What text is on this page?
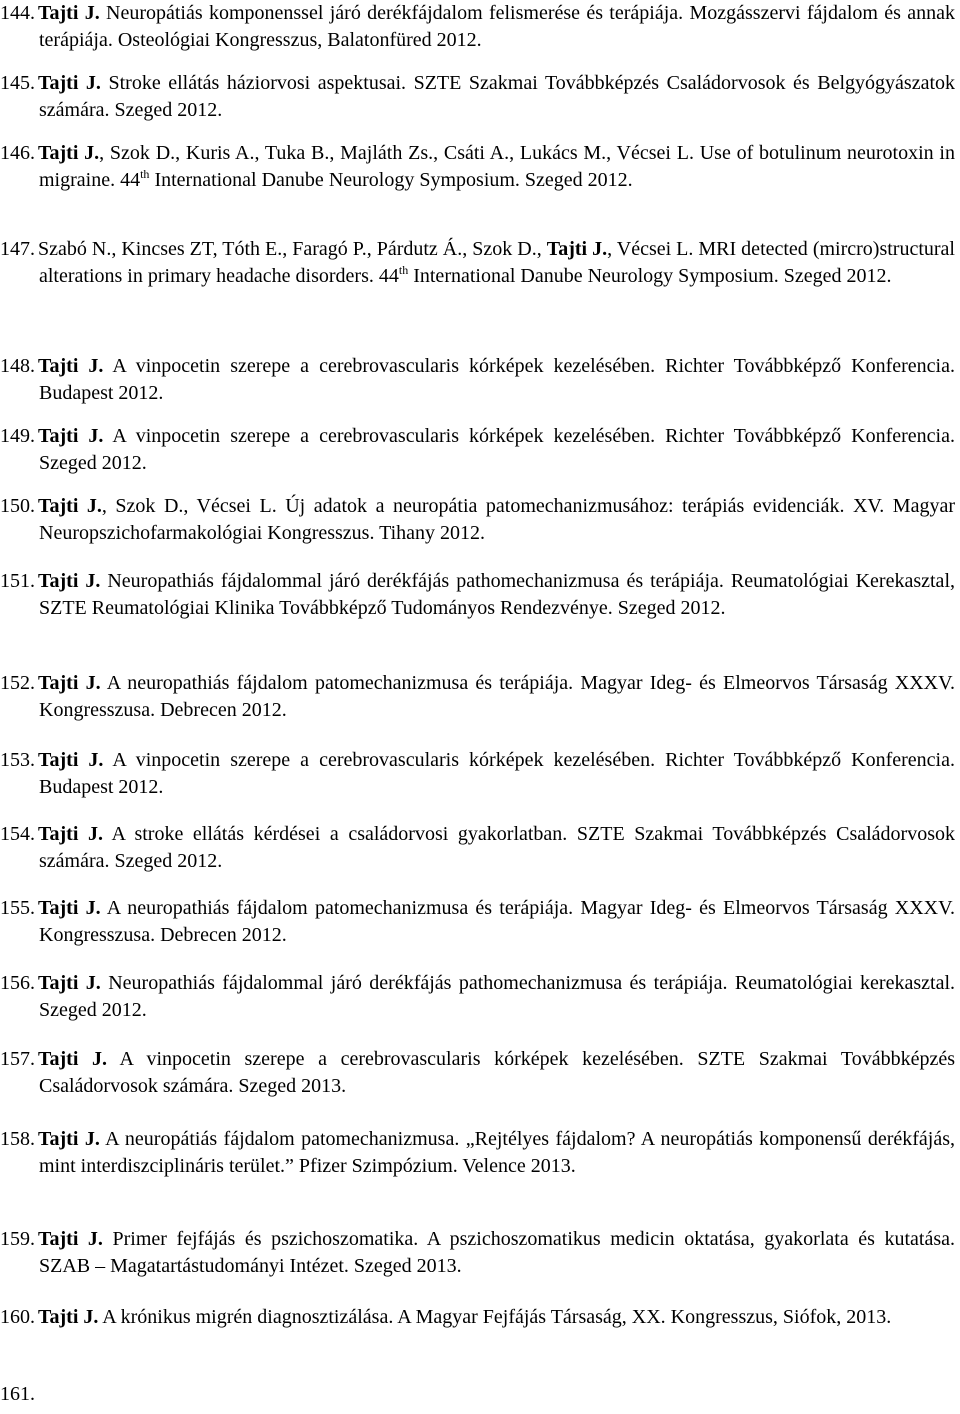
144. Tajti J. Neuropátiás komponenssel járó derékfájdalom felismerése és terápiája. Mozgásszervi fájdalom és annak terápiája. Osteológiai Kongresszus, Balatonfüred 2012.
145. Tajti J. Stroke ellátás háziorvosi aspektusai. SZTE Szakmai Továbbképzés Családorvosok és Belgyógyászatok számára. Szeged 2012.
146. Tajti J., Szok D., Kuris A., Tuka B., Majláth Zs., Csáti A., Lukács M., Vécsei L. Use of botulinum neurotoxin in migraine. 44th International Danube Neurology Symposium. Szeged 2012.
147. Szabó N., Kincses ZT, Tóth E., Faragó P., Párdutz Á., Szok D., Tajti J., Vécsei L. MRI detected (mircro)structural alterations in primary headache disorders. 44th International Danube Neurology Symposium. Szeged 2012.
148. Tajti J. A vinpocetin szerepe a cerebrovascularis kórképek kezelésében. Richter Továbbképző Konferencia. Budapest 2012.
149. Tajti J. A vinpocetin szerepe a cerebrovascularis kórképek kezelésében. Richter Továbbképző Konferencia. Szeged 2012.
150. Tajti J., Szok D., Vécsei L. Új adatok a neuropátia patomechanizmusához: terápiás evidenciák. XV. Magyar Neuropszichofarmakológiai Kongresszus. Tihany 2012.
151. Tajti J. Neuropathiás fájdalommal járó derékfájás pathomechanizmusa és terápiája. Reumatológiai Kerekasztal, SZTE Reumatológiai Klinika Továbbképző Tudományos Rendezvénye. Szeged 2012.
152. Tajti J. A neuropathiás fájdalom patomechanizmusa és terápiája. Magyar Ideg- és Elmeorvos Társaság XXXV. Kongresszusa. Debrecen 2012.
153. Tajti J. A vinpocetin szerepe a cerebrovascularis kórképek kezelésében. Richter Továbbképző Konferencia. Budapest 2012.
154. Tajti J. A stroke ellátás kérdései a családorvosi gyakorlatban. SZTE Szakmai Továbbképzés Családorvosok számára. Szeged 2012.
155. Tajti J. A neuropathiás fájdalom patomechanizmusa és terápiája. Magyar Ideg- és Elmeorvos Társaság XXXV. Kongresszusa. Debrecen 2012.
156. Tajti J. Neuropathiás fájdalommal járó derékfájás pathomechanizmusa és terápiája. Reumatológiai kerekasztal. Szeged 2012.
157. Tajti J. A vinpocetin szerepe a cerebrovascularis kórképek kezelésében. SZTE Szakmai Továbbképzés Családorvosok számára. Szeged 2013.
158. Tajti J. A neuropátiás fájdalom patomechanizmusa. „Rejtélyes fájdalom? A neuropátiás komponensű derékfájás, mint interdiszciplináris terület.” Pfizer Szimpózium. Velence 2013.
159. Tajti J. Primer fejfájás és pszichoszomatika. A pszichoszomatikus medicin oktatása, gyakorlata és kutatása. SZAB – Magatartástudományi Intézet. Szeged 2013.
160. Tajti J. A krónikus migrén diagnosztizálása. A Magyar Fejfájás Társaság, XX. Kongresszus, Siófok, 2013.
161.
